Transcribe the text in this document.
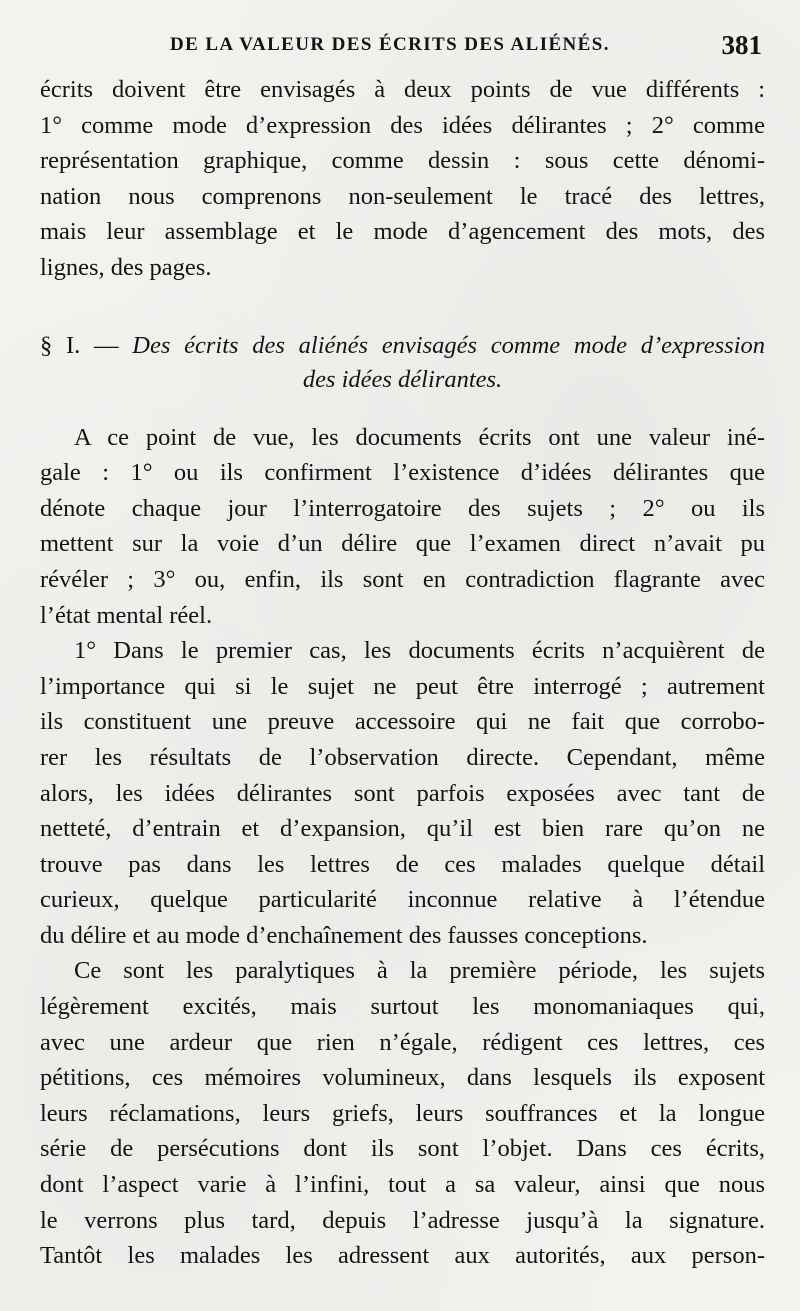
DE LA VALEUR DES ÉCRITS DES ALIÉNÉS.	381
écrits doivent être envisagés à deux points de vue différents :
1° comme mode d’expression des idées délirantes ; 2° comme
représentation graphique, comme dessin : sous cette dénomi-
nation nous comprenons non-seulement le tracé des lettres,
mais leur assemblage et le mode d’agencement des mots, des
lignes, des pages.
§ I. — Des écrits des aliénés envisagés comme mode d’expression
des idées délirantes.
A ce point de vue, les documents écrits ont une valeur iné-
gale : 1° ou ils confirment l’existence d’idées délirantes que
dénote chaque jour l’interrogatoire des sujets ; 2° ou ils
mettent sur la voie d’un délire que l’examen direct n’avait pu
révéler ; 3° ou, enfin, ils sont en contradiction flagrante avec
l’état mental réel.
1° Dans le premier cas, les documents écrits n’acquièrent de
l’importance qui si le sujet ne peut être interrogé ; autrement
ils constituent une preuve accessoire qui ne fait que corrobo-
rer les résultats de l’observation directe. Cependant, même
alors, les idées délirantes sont parfois exposées avec tant de
netteté, d’entrain et d’expansion, qu’il est bien rare qu’on ne
trouve pas dans les lettres de ces malades quelque détail
curieux, quelque particularité inconnue relative à l’étendue
du délire et au mode d’enchaînement des fausses conceptions.
Ce sont les paralytiques à la première période, les sujets
légèrement excités, mais surtout les monomaniaques qui,
avec une ardeur que rien n’égale, rédigent ces lettres, ces
pétitions, ces mémoires volumineux, dans lesquels ils exposent
leurs réclamations, leurs griefs, leurs souffrances et la longue
série de persécutions dont ils sont l’objet. Dans ces écrits,
dont l’aspect varie à l’infini, tout a sa valeur, ainsi que nous
le verrons plus tard, depuis l’adresse jusqu’à la signature.
Tantôt les malades les adressent aux autorités, aux person-
